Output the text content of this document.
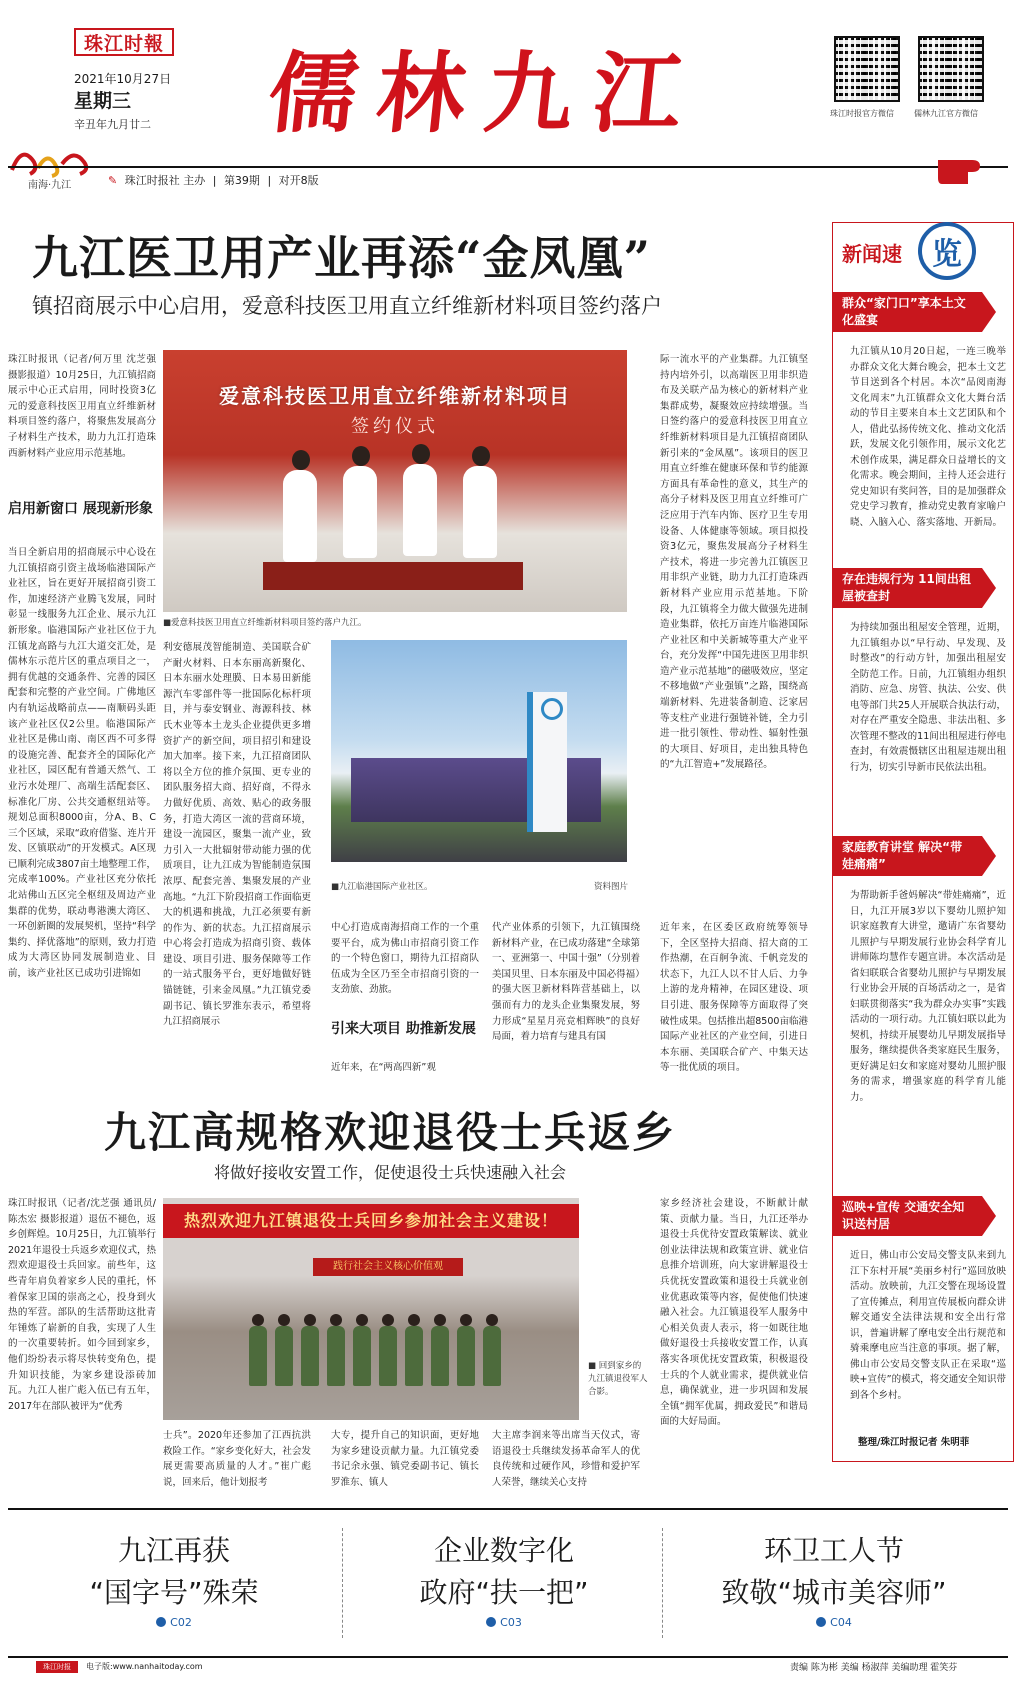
珠江时報
2021年10月27日
星期三
辛丑年九月廿二
南海·九江
儒林九江	珠江时报官方微信	儒林九江官方微信
✎ 珠江时报社 主办 | 第39期 | 对开8版
九江医卫用产业再添“金凤凰”
镇招商展示中心启用，爱意科技医卫用直立纤维新材料项目签约落户
珠江时报讯（记者/何万里 沈芝强 摄影报道）10月25日，九江镇招商展示中心正式启用，同时投资3亿元的爱意科技医卫用直立纤维新材料项目签约落户，将聚焦发展高分子材料生产技术，助力九江打造珠西新材料产业应用示范基地。
启用新窗口 展现新形象
当日全新启用的招商展示中心设在九江镇招商引资主战场临港国际产业社区，旨在更好开展招商引资工作，加速经济产业腾飞发展，同时彰显一线服务九江企业、展示九江新形象。临港国际产业社区位于九江镇龙高路与九江大道交汇处，是儒林东示范片区的重点项目之一，拥有优越的交通条件、完善的园区配套和完整的产业空间。广佛地区内有轨运战略前点——南顺码头距该产业社区仅2公里。临港国际产业社区是佛山南、南区西不可多得的设施完善、配套齐全的国际化产业社区，园区配有普通天然气、工业污水处理厂、高端生活配套区、标准化厂房、公共交通枢纽站等。规划总面积8000亩，分A、B、C三个区域，采取“政府借鉴、连片开发、区镇联动”的开发模式。A区现已顺利完成3807亩土地整理工作，完成率100%。产业社区充分依托北站佛山五区完全枢纽及周边产业集群的优势，联动粤港澳大湾区、一环创新圈的发展契机，坚持“科学集约、择优落地”的原则，致力打造成为大湾区协同发展制造业、目前，该产业社区已成功引进锦如
爱意科技医卫用直立纤维新材料项目
签约仪式
■爱意科技医卫用直立纤维新材料项目签约落户九江。
际一流水平的产业集群。九江镇坚持内培外引，以高端医卫用非织造布及关联产品为核心的新材料产业集群成势，凝聚效应持续增强。当日签约落户的爱意科技医卫用直立纤维新材料项目是九江镇招商团队新引来的“金凤凰”。该项目的医卫用直立纤维在健康环保和节约能源方面具有革命性的意义，其生产的高分子材料及医卫用直立纤维可广泛应用于汽车内饰、医疗卫生专用设备、人体健康等领域。项目拟投资3亿元，聚焦发展高分子材料生产技术，将进一步完善九江镇医卫用非织产业链，助力九江打造珠西新材料产业应用示范基地。下阶段，九江镇将全力做大做强先进制造业集群，依托万亩连片临港国际产业社区和中关新城等重大产业平台，充分发挥“中国先进医卫用非织造产业示范基地”的磁吸效应，坚定不移地做“产业强镇”之路，围绕高端新材料、先进装备制造、泛家居等支柱产业进行强链补链，全力引进一批引领性、带动性、辐射性强的大项目、好项目，走出独具特色的“九江智造+”发展路径。
利安德展茂智能制造、美国联合矿产耐火材料、日本东丽高新聚化、日本东丽水处理膜、日本易田新能源汽车零部件等一批国际化标杆项目，并与泰安钢业、海源科技、林氏木业等本土龙头企业提供更多增资扩产的新空间，项目招引和建设加大加率。接下来，九江招商团队将以全方位的推介氛围、更专业的团队服务招大商、招好商，不得永力做好优质、高效、贴心的政务服务，打造大湾区一流的营商环境，建设一流园区，聚集一流产业，致力引入一大批辐射带动能力强的优质项目，让九江成为智能制造氛围浓厚、配套完善、集聚发展的产业高地。“九江下阶段招商工作面临更大的机遇和挑战，九江必须要有新的作为、新的状态。九江招商展示中心将会打造成为招商引资、载体建设、项目引进、服务保障等工作的一站式服务平台，更好地做好链锚链链，引来金凤凰。”九江镇党委副书记、镇长罗淮东表示，希望将九江招商展示
■九江临港国际产业社区。	资料图片
中心打造成南海招商工作的一个重要平台，成为佛山市招商引资工作的一个特色窗口，期待九江招商队伍成为全区乃至全市招商引资的一支劲旅、劲旅。
引来大项目 助推新发展
近年来，在“两高四新”观
代产业体系的引领下，九江镇围绕新材料产业，在已成功落建“全球第一、亚洲第一、中国十强”（分别着美国贝里、日本东丽及中国必得福）的强大医卫新材料阵营基础上，以强而有力的龙头企业集聚发展，努力形成“星星月亮竞相辉映”的良好局面，着力培育与建具有国
近年来，在区委区政府统筹领导下，全区坚持大招商、招大商的工作热潮，在百舸争流、千帆竞发的状态下，九江人以不甘人后、力争上游的龙舟精神，在园区建设、项目引进、服务保障等方面取得了突破性成果。包括推出超8500亩临港国际产业社区的产业空间，引进日本东丽、美国联合矿产、中集天达等一批优质的项目。
新闻速	览
群众“家门口”享本土文化盛宴
九江镇从10月20日起，一连三晚举办群众文化大舞台晚会，把本土文艺节目送到各个村居。本次“品阅南海 文化周末”九江镇群众文化大舞台活动的节目主要来自本土文艺团队和个人，借此弘扬传统文化、推动文化活跃，发展文化引领作用，展示文化艺术创作成果，满足群众日益增长的文化需求。晚会期间，主持人还会进行党史知识有奖问答，目的是加强群众党史学习教育，推动党史教育家喻户晓、入脑入心、落实落地、开新局。
存在违规行为 11间出租屋被查封
为持续加强出租屋安全管理，近期，九江镇组办以“早行动、早发现、及时整改”的行动方针，加强出租屋安全防范工作。日前，九江镇组办组织消防、应急、房管、执法、公安、供电等部门共25人开展联合执法行动，对存在严重安全隐患、非法出租、多次管理不整改的11间出租屋进行停电查封，有效震慑辖区出租屋违规出租行为，切实引导新市民依法出租。
家庭教育讲堂 解决“带娃痛痛”
为帮助新手爸妈解决“带娃痛痛”，近日，九江开展3岁以下婴幼儿照护知识家庭教育大讲堂，邀请广东省婴幼儿照护与早期发展行业协会科学育儿讲师陈均慧作专题宣讲。本次活动是省妇联联合省婴幼儿照护与早期发展行业协会开展的百场活动之一，是省妇联贯彻落实“我为群众办实事”实践活动的一项行动。九江镇妇联以此为契机，持续开展婴幼儿早期发展指导服务，继续提供各类家庭民生服务，更好满足妇女和家庭对婴幼儿照护服务的需求，增强家庭的科学育儿能力。
巡映+宣传 交通安全知识送村居
近日，佛山市公安局交警支队来到九江下东村开展“美丽乡村行”巡回放映活动。放映前，九江交警在现场设置了宣传摊点，利用宣传展板向群众讲解交通安全法律法规和安全出行常识，普遍讲解了摩电安全出行规范和骑乘摩电应当注意的事项。据了解，佛山市公安局交警支队正在采取“巡映+宣传”的模式，将交通安全知识带到各个乡村。
整理/珠江时报记者 朱明菲
九江高规格欢迎退役士兵返乡
将做好接收安置工作，促使退役士兵快速融入社会
珠江时报讯（记者/沈芝强 通讯员/陈杰宏 摄影报道）退伍不褪色，返乡创辉煌。10月25日，九江镇举行2021年退役士兵返乡欢迎仪式，热烈欢迎退役士兵回家。前些年，这些青年肩负着家乡人民的重托，怀着保家卫国的崇高之心，投身到火热的军营。部队的生活帮助这批青年锤炼了崭新的自我，实现了人生的一次重要转折。如今回到家乡，他们纷纷表示将尽快转变角色，提升知识技能，为家乡建设添砖加瓦。九江人崔广彪入伍已有五年，2017年在部队被评为“优秀
热烈欢迎九江镇退役士兵回乡参加社会主义建设！
践行社会主义核心价值观
■ 回到家乡的九江镇退役军人合影。
士兵”。2020年还参加了江西抗洪救险工作。“家乡变化好大，社会发展更需要高质量的人才。”崔广彪说，回来后，他计划报考
大专，提升自己的知识面，更好地为家乡建设贡献力量。九江镇党委书记余永强、镇党委副书记、镇长罗淮东、镇人
大主席李润来等出席当天仪式，寄语退役士兵继续发扬革命军人的优良传统和过硬作风，珍惜和爱护军人荣誉，继续关心支持
家乡经济社会建设，不断献计献策、贡献力量。当日，九江还举办退役士兵优待安置政策解读、就业创业法律法规和政策宣讲、就业信息推介培训班，向大家讲解退役士兵优抚安置政策和退役士兵就业创业优惠政策等内容，促使他们快速融入社会。九江镇退役军人服务中心相关负责人表示，将一如既往地做好退役士兵接收安置工作，认真落实各项优抚安置政策，积极退役士兵的个人就业需求，提供就业信息，确保就业，进一步巩固和发展全镇“拥军优属，拥政爱民”和谐局面的大好局面。
九江再获
“国字号”殊荣
企业数字化
政府“扶一把”
环卫工人节
致敬“城市美容师”
C02	C03	C04
珠江时报	电子版:www.nanhaitoday.com	责编 陈为彬 美编 杨淑萍 美编助理 霍笑芬
